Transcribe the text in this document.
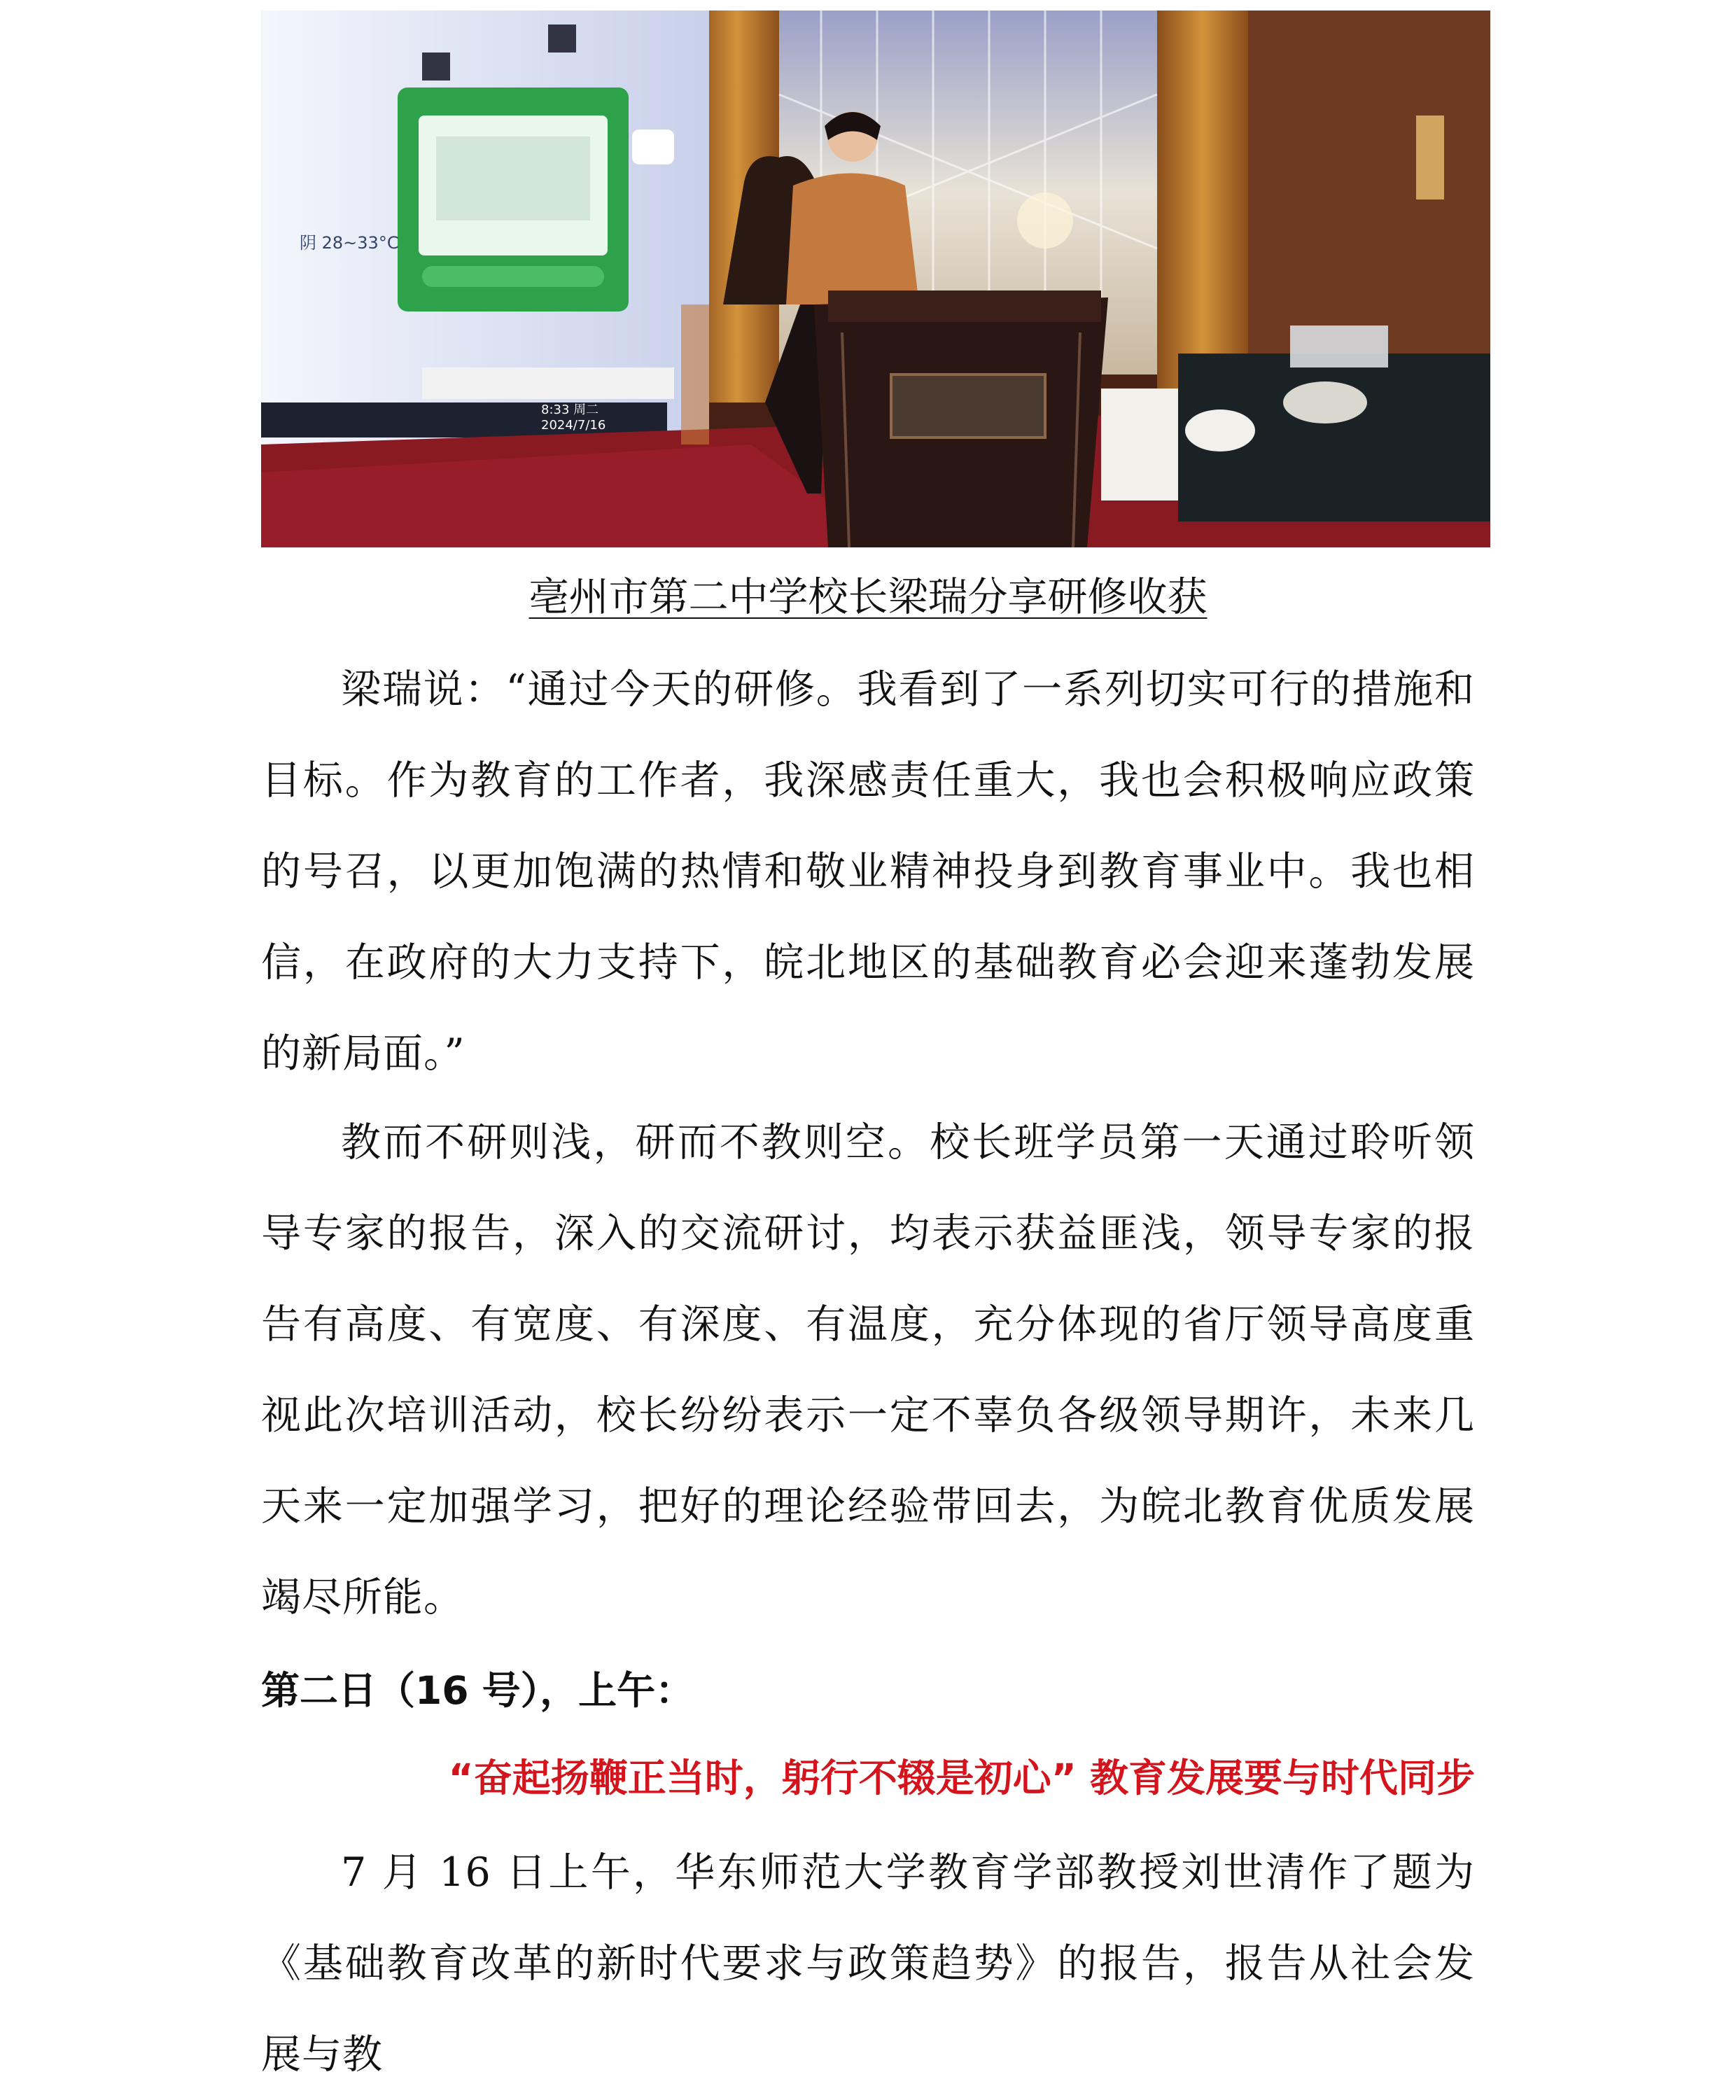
阴 28~33°C
8:33 周二
2024/7/16
亳州市第二中学校长梁瑞分享研修收获

梁瑞说：“通过今天的研修。我看到了一系列切实可行的措施和目标。作为教育的工作者，我深感责任重大，我也会积极响应政策的号召，以更加饱满的热情和敬业精神投身到教育事业中。我也相信，在政府的大力支持下，皖北地区的基础教育必会迎来蓬勃发展的新局面。”

教而不研则浅，研而不教则空。校长班学员第一天通过聆听领导专家的报告，深入的交流研讨，均表示获益匪浅，领导专家的报告有高度、有宽度、有深度、有温度，充分体现的省厅领导高度重视此次培训活动，校长纷纷表示一定不辜负各级领导期许，未来几天来一定加强学习，把好的理论经验带回去，为皖北教育优质发展竭尽所能。

第二日（16 号），上午：
“奋起扬鞭正当时，躬行不辍是初心” 教育发展要与时代同步

7 月 16 日上午，华东师范大学教育学部教授刘世清作了题为《基础教育改革的新时代要求与政策趋势》的报告，报告从社会发展与教
